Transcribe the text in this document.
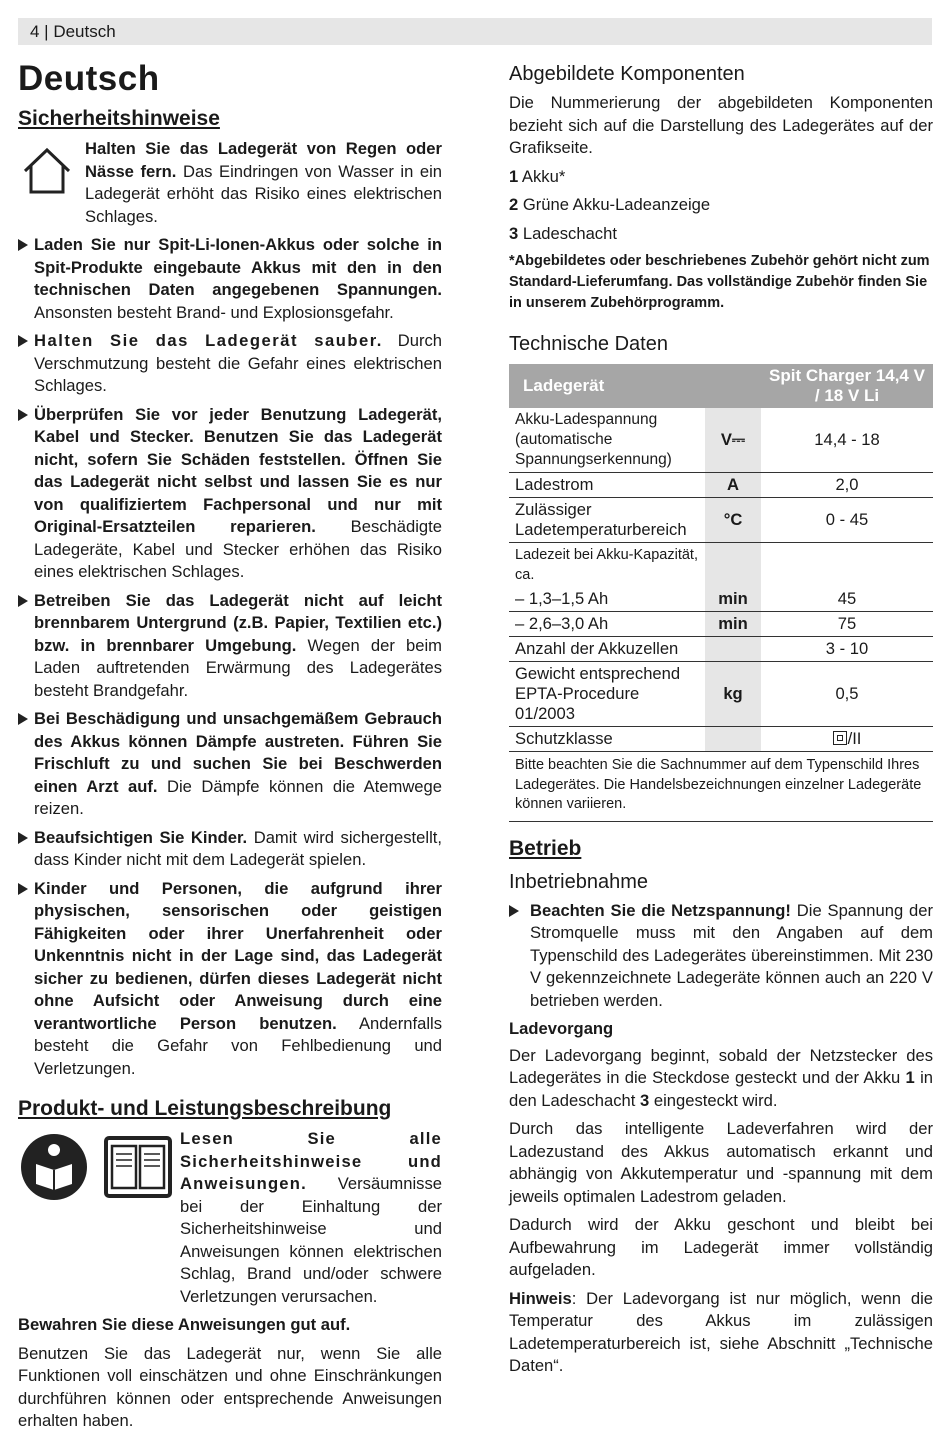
4 | Deutsch
Deutsch
Sicherheitshinweise

Halten Sie das Ladegerät von Regen oder Nässe fern. Das Eindringen von Wasser in ein Ladegerät erhöht das Risiko eines elektrischen Schlages.

Laden Sie nur Spit-Li-Ionen-Akkus oder solche in Spit-Produkte eingebaute Akkus mit den in den technischen Daten angegebenen Spannungen. Ansonsten besteht Brand- und Explosionsgefahr.

Halten Sie das Ladegerät sauber. Durch Verschmutzung besteht die Gefahr eines elektrischen Schlages.

Überprüfen Sie vor jeder Benutzung Ladegerät, Kabel und Stecker. Benutzen Sie das Ladegerät nicht, sofern Sie Schäden feststellen. Öffnen Sie das Ladegerät nicht selbst und lassen Sie es nur von qualifiziertem Fachpersonal und nur mit Original-Ersatzteilen reparieren. Beschädigte Ladegeräte, Kabel und Stecker erhöhen das Risiko eines elektrischen Schlages.

Betreiben Sie das Ladegerät nicht auf leicht brennbarem Untergrund (z.B. Papier, Textilien etc.) bzw. in brennbarer Umgebung. Wegen der beim Laden auftretenden Erwärmung des Ladegerätes besteht Brandgefahr.

Bei Beschädigung und unsachgemäßem Gebrauch des Akkus können Dämpfe austreten. Führen Sie Frischluft zu und suchen Sie bei Beschwerden einen Arzt auf. Die Dämpfe können die Atemwege reizen.

Beaufsichtigen Sie Kinder. Damit wird sichergestellt, dass Kinder nicht mit dem Ladegerät spielen.

Kinder und Personen, die aufgrund ihrer physischen, sensorischen oder geistigen Fähigkeiten oder ihrer Unerfahrenheit oder Unkenntnis nicht in der Lage sind, das Ladegerät sicher zu bedienen, dürfen dieses Ladegerät nicht ohne Aufsicht oder Anweisung durch eine verantwortliche Person benutzen. Andernfalls besteht die Gefahr von Fehlbedienung und Verletzungen.

Produkt- und Leistungsbeschreibung

Lesen Sie alle Sicherheitshinweise und Anweisungen. Versäumnisse bei der Einhaltung der Sicherheitshinweise und Anweisungen können elektrischen Schlag, Brand und/oder schwere Verletzungen verursachen.

Bewahren Sie diese Anweisungen gut auf.

Benutzen Sie das Ladegerät nur, wenn Sie alle Funktionen voll einschätzen und ohne Einschränkungen durchführen können oder entsprechende Anweisungen erhalten haben.

Abgebildete Komponenten

Die Nummerierung der abgebildeten Komponenten bezieht sich auf die Darstellung des Ladegerätes auf der Grafikseite.

1 Akku*
2 Grüne Akku-Ladeanzeige
3 Ladeschacht
*Abgebildetes oder beschriebenes Zubehör gehört nicht zum Standard-Lieferumfang. Das vollständige Zubehör finden Sie in unserem Zubehörprogramm.
Technische Daten
Ladegerät		Spit Charger 14,4 V / 18 V Li
Akku-Ladespannung (automatische Spannungserkennung)	V⎓	14,4 - 18
Ladestrom	A	2,0
Zulässiger Ladetemperaturbereich	°C	0 - 45
Ladezeit bei Akku-Kapazität, ca.		
– 1,3–1,5 Ah	min	45
– 2,6–3,0 Ah	min	75
Anzahl der Akkuzellen		3 - 10
Gewicht entsprechend EPTA-Procedure 01/2003	kg	0,5
Schutzklasse		/II
Bitte beachten Sie die Sachnummer auf dem Typenschild Ihres Ladegerätes. Die Handelsbezeichnungen einzelner Ladegeräte können variieren.
Betrieb
Inbetriebnahme

Beachten Sie die Netzspannung! Die Spannung der Stromquelle muss mit den Angaben auf dem Typenschild des Ladegerätes übereinstimmen. Mit 230 V gekennzeichnete Ladegeräte können auch an 220 V betrieben werden.

Ladevorgang

Der Ladevorgang beginnt, sobald der Netzstecker des Ladegerätes in die Steckdose gesteckt und der Akku 1 in den Ladeschacht 3 eingesteckt wird.

Durch das intelligente Ladeverfahren wird der Ladezustand des Akkus automatisch erkannt und abhängig von Akkutemperatur und -spannung mit dem jeweils optimalen Ladestrom geladen.

Dadurch wird der Akku geschont und bleibt bei Aufbewahrung im Ladegerät immer vollständig aufgeladen.

Hinweis: Der Ladevorgang ist nur möglich, wenn die Temperatur des Akkus im zulässigen Ladetemperaturbereich ist, siehe Abschnitt „Technische Daten“.
